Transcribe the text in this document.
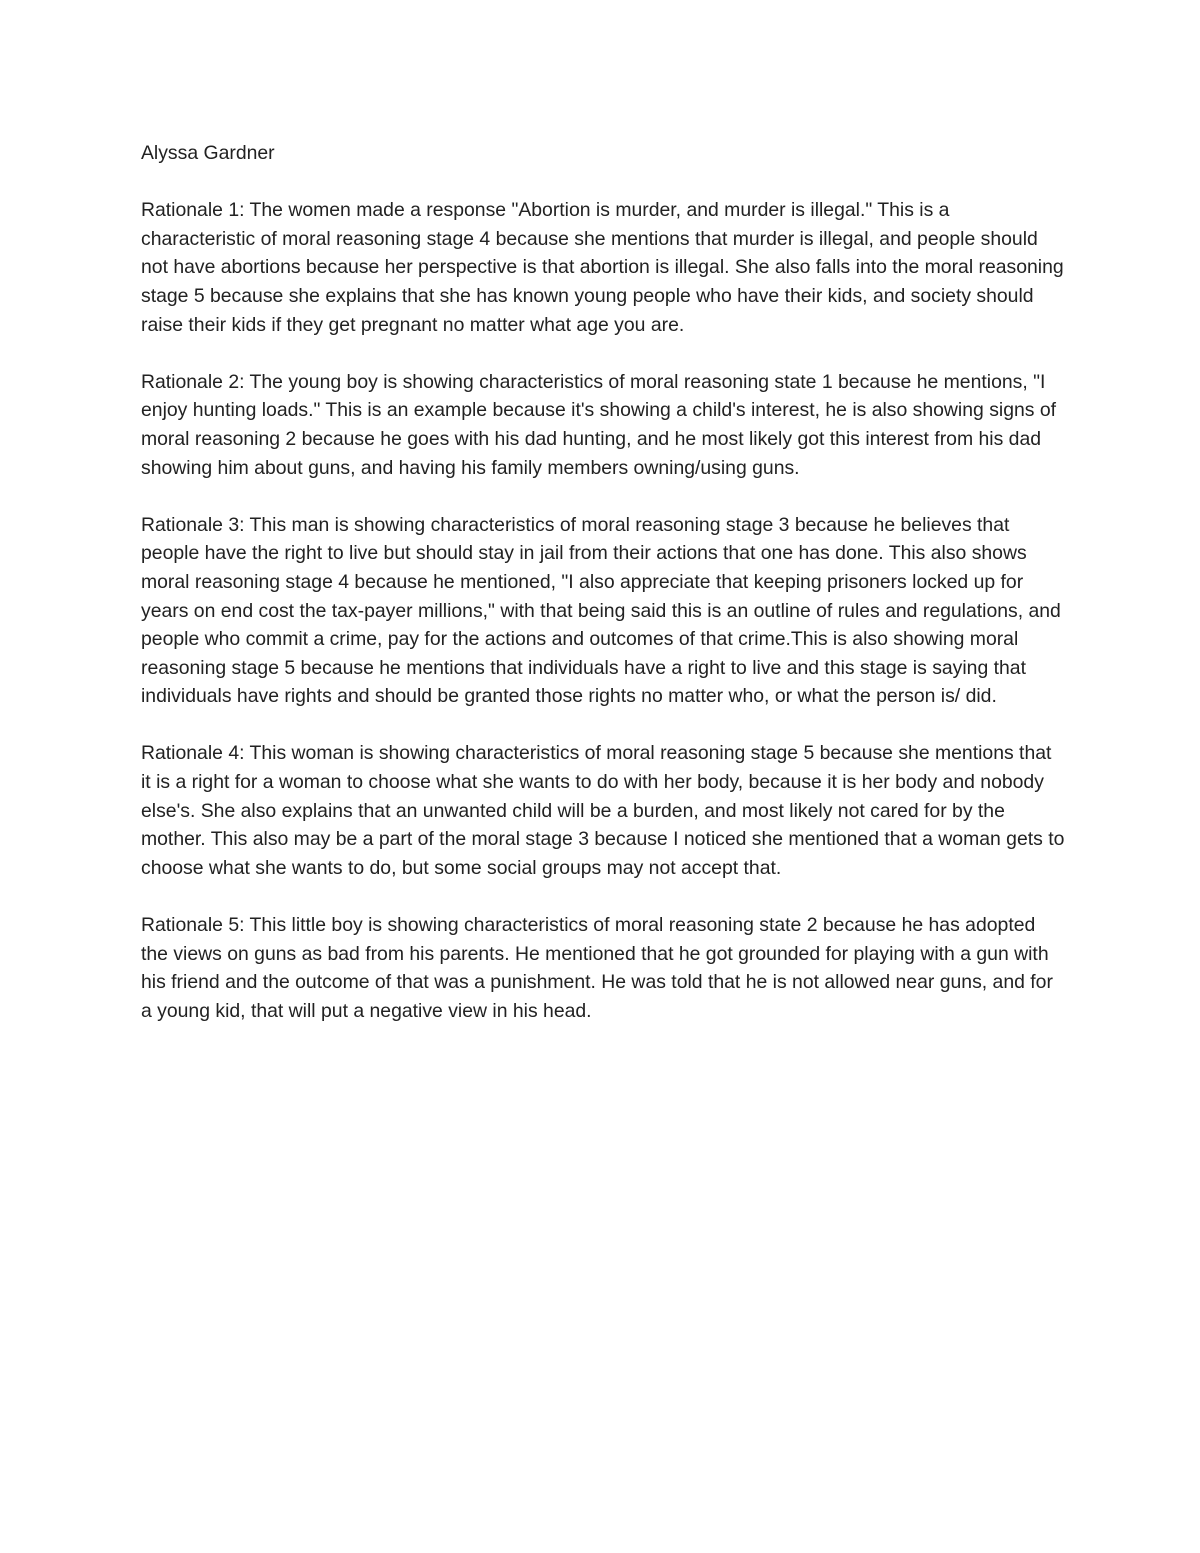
Alyssa Gardner

Rationale 1: The women made a response "Abortion is murder, and murder is illegal." This is a characteristic of moral reasoning stage 4 because she mentions that murder is illegal, and people should not have abortions because her perspective is that abortion is illegal. She also falls into the moral reasoning stage 5 because she explains that she has known young people who have their kids, and society should raise their kids if they get pregnant no matter what age you are.

Rationale 2: The young boy is showing characteristics of moral reasoning state 1 because he mentions, "I enjoy hunting loads." This is an example because it's showing a child's interest, he is also showing signs of moral reasoning 2 because he goes with his dad hunting, and he most likely got this interest from his dad showing him about guns, and having his family members owning/using guns.

Rationale 3: This man is showing characteristics of moral reasoning stage 3 because he believes that people have the right to live but should stay in jail from their actions that one has done. This also shows moral reasoning stage 4 because he mentioned, "I also appreciate that keeping prisoners locked up for years on end cost the tax-payer millions," with that being said this is an outline of rules and regulations, and people who commit a crime, pay for the actions and outcomes of that crime.This is also showing moral reasoning stage 5 because he mentions that individuals have a right to live and this stage is saying that individuals have rights and should be granted those rights no matter who, or what the person is/ did.

Rationale 4: This woman is showing characteristics of moral reasoning stage 5 because she mentions that it is a right for a woman to choose what she wants to do with her body, because it is her body and nobody else's. She also explains that an unwanted child will be a burden, and most likely not cared for by the mother. This also may be a part of the moral stage 3 because I noticed she mentioned that a woman gets to choose what she wants to do, but some social groups may not accept that.

Rationale 5: This little boy is showing characteristics of moral reasoning state 2 because he has adopted the views on guns as bad from his parents. He mentioned that he got grounded for playing with a gun with his friend and the outcome of that was a punishment. He was told that he is not allowed near guns, and for a young kid, that will put a negative view in his head.
